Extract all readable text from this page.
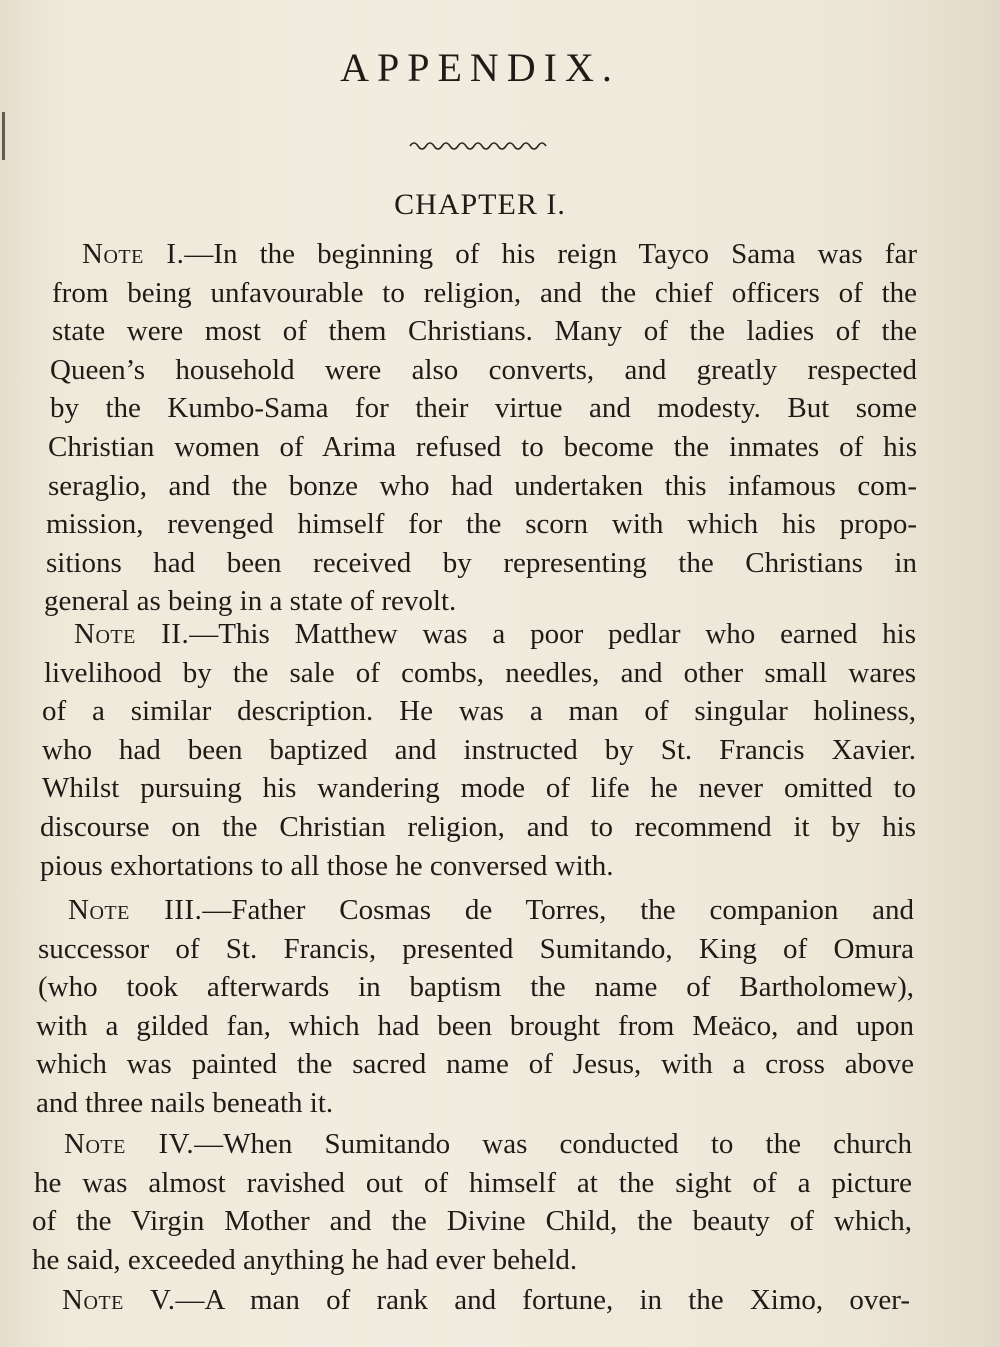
APPENDIX.
CHAPTER I.
Note I.—In the beginning of his reign Tayco Sama was far
from being unfavourable to religion, and the chief officers of the
state were most of them Christians. Many of the ladies of the
Queen’s household were also converts, and greatly respected
by the Kumbo-Sama for their virtue and modesty. But some
Christian women of Arima refused to become the inmates of his
seraglio, and the bonze who had undertaken this infamous com-
mission, revenged himself for the scorn with which his propo-
sitions had been received by representing the Christians in
general as being in a state of revolt.
Note II.—This Matthew was a poor pedlar who earned his
livelihood by the sale of combs, needles, and other small wares
of a similar description. He was a man of singular holiness,
who had been baptized and instructed by St. Francis Xavier.
Whilst pursuing his wandering mode of life he never omitted to
discourse on the Christian religion, and to recommend it by his
pious exhortations to all those he conversed with.
Note III.—Father Cosmas de Torres, the companion and
successor of St. Francis, presented Sumitando, King of Omura
(who took afterwards in baptism the name of Bartholomew),
with a gilded fan, which had been brought from Meäco, and upon
which was painted the sacred name of Jesus, with a cross above
and three nails beneath it.
Note IV.—When Sumitando was conducted to the church
he was almost ravished out of himself at the sight of a picture
of the Virgin Mother and the Divine Child, the beauty of which,
he said, exceeded anything he had ever beheld.
Note V.—A man of rank and fortune, in the Ximo, over-
